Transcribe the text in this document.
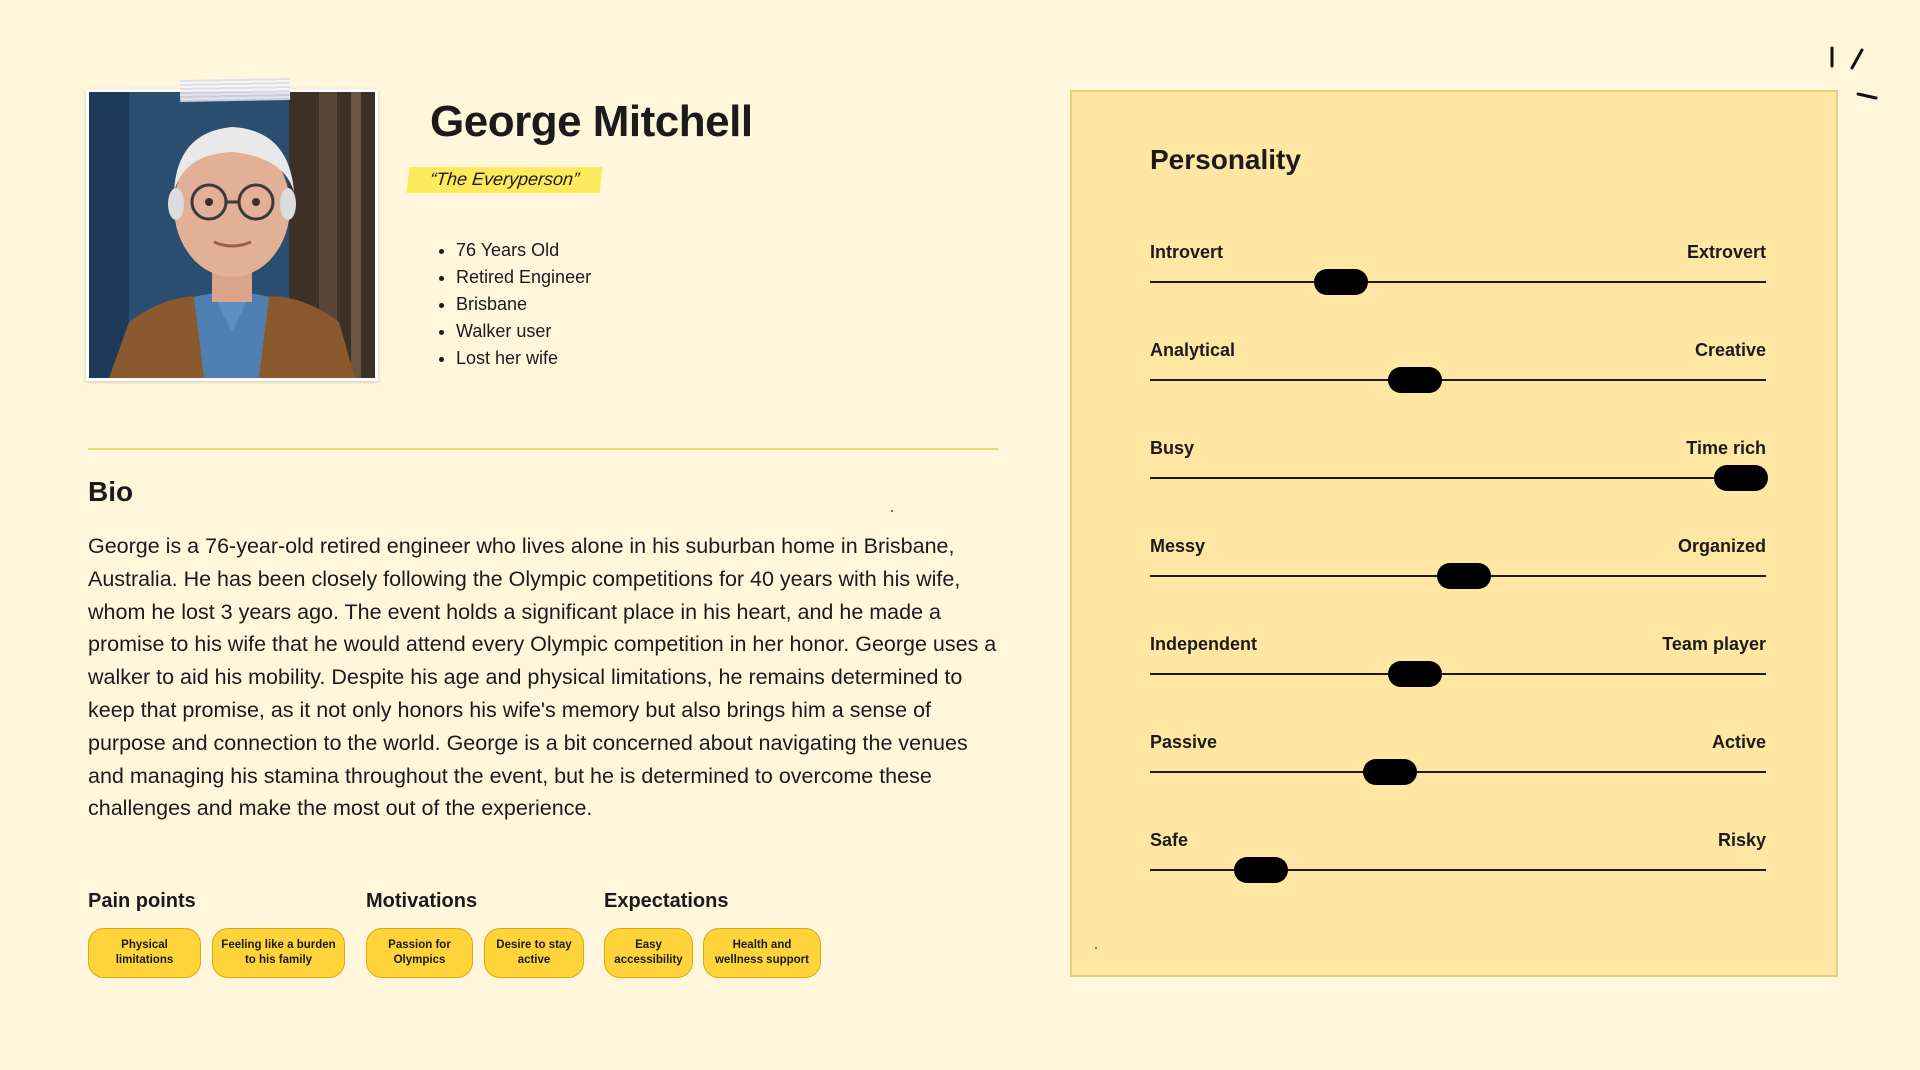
George Mitchell
“The Everyperson”
• 76 Years Old
• Retired Engineer
• Brisbane
• Walker user
• Lost her wife
Bio

George is a 76-year-old retired engineer who lives alone in his suburban home in Brisbane, Australia. He has been closely following the Olympic competitions for 40 years with his wife, whom he lost 3 years ago. The event holds a significant place in his heart, and he made a promise to his wife that he would attend every Olympic competition in her honor. George uses a walker to aid his mobility. Despite his age and physical limitations, he remains determined to keep that promise, as it not only honors his wife's memory but also brings him a sense of purpose and connection to the world. George is a bit concerned about navigating the venues and managing his stamina throughout the event, but he is determined to overcome these challenges and make the most out of the experience.

Pain points
Physical limitations
Feeling like a burden to his family
Motivations
Passion for Olympics
Desire to stay active
Expectations
Easy accessibility
Health and wellness support
Personality
Introvert	Extrovert
Analytical	Creative
Busy	Time rich
Messy	Organized
Independent	Team player
Passive	Active
Safe	Risky
